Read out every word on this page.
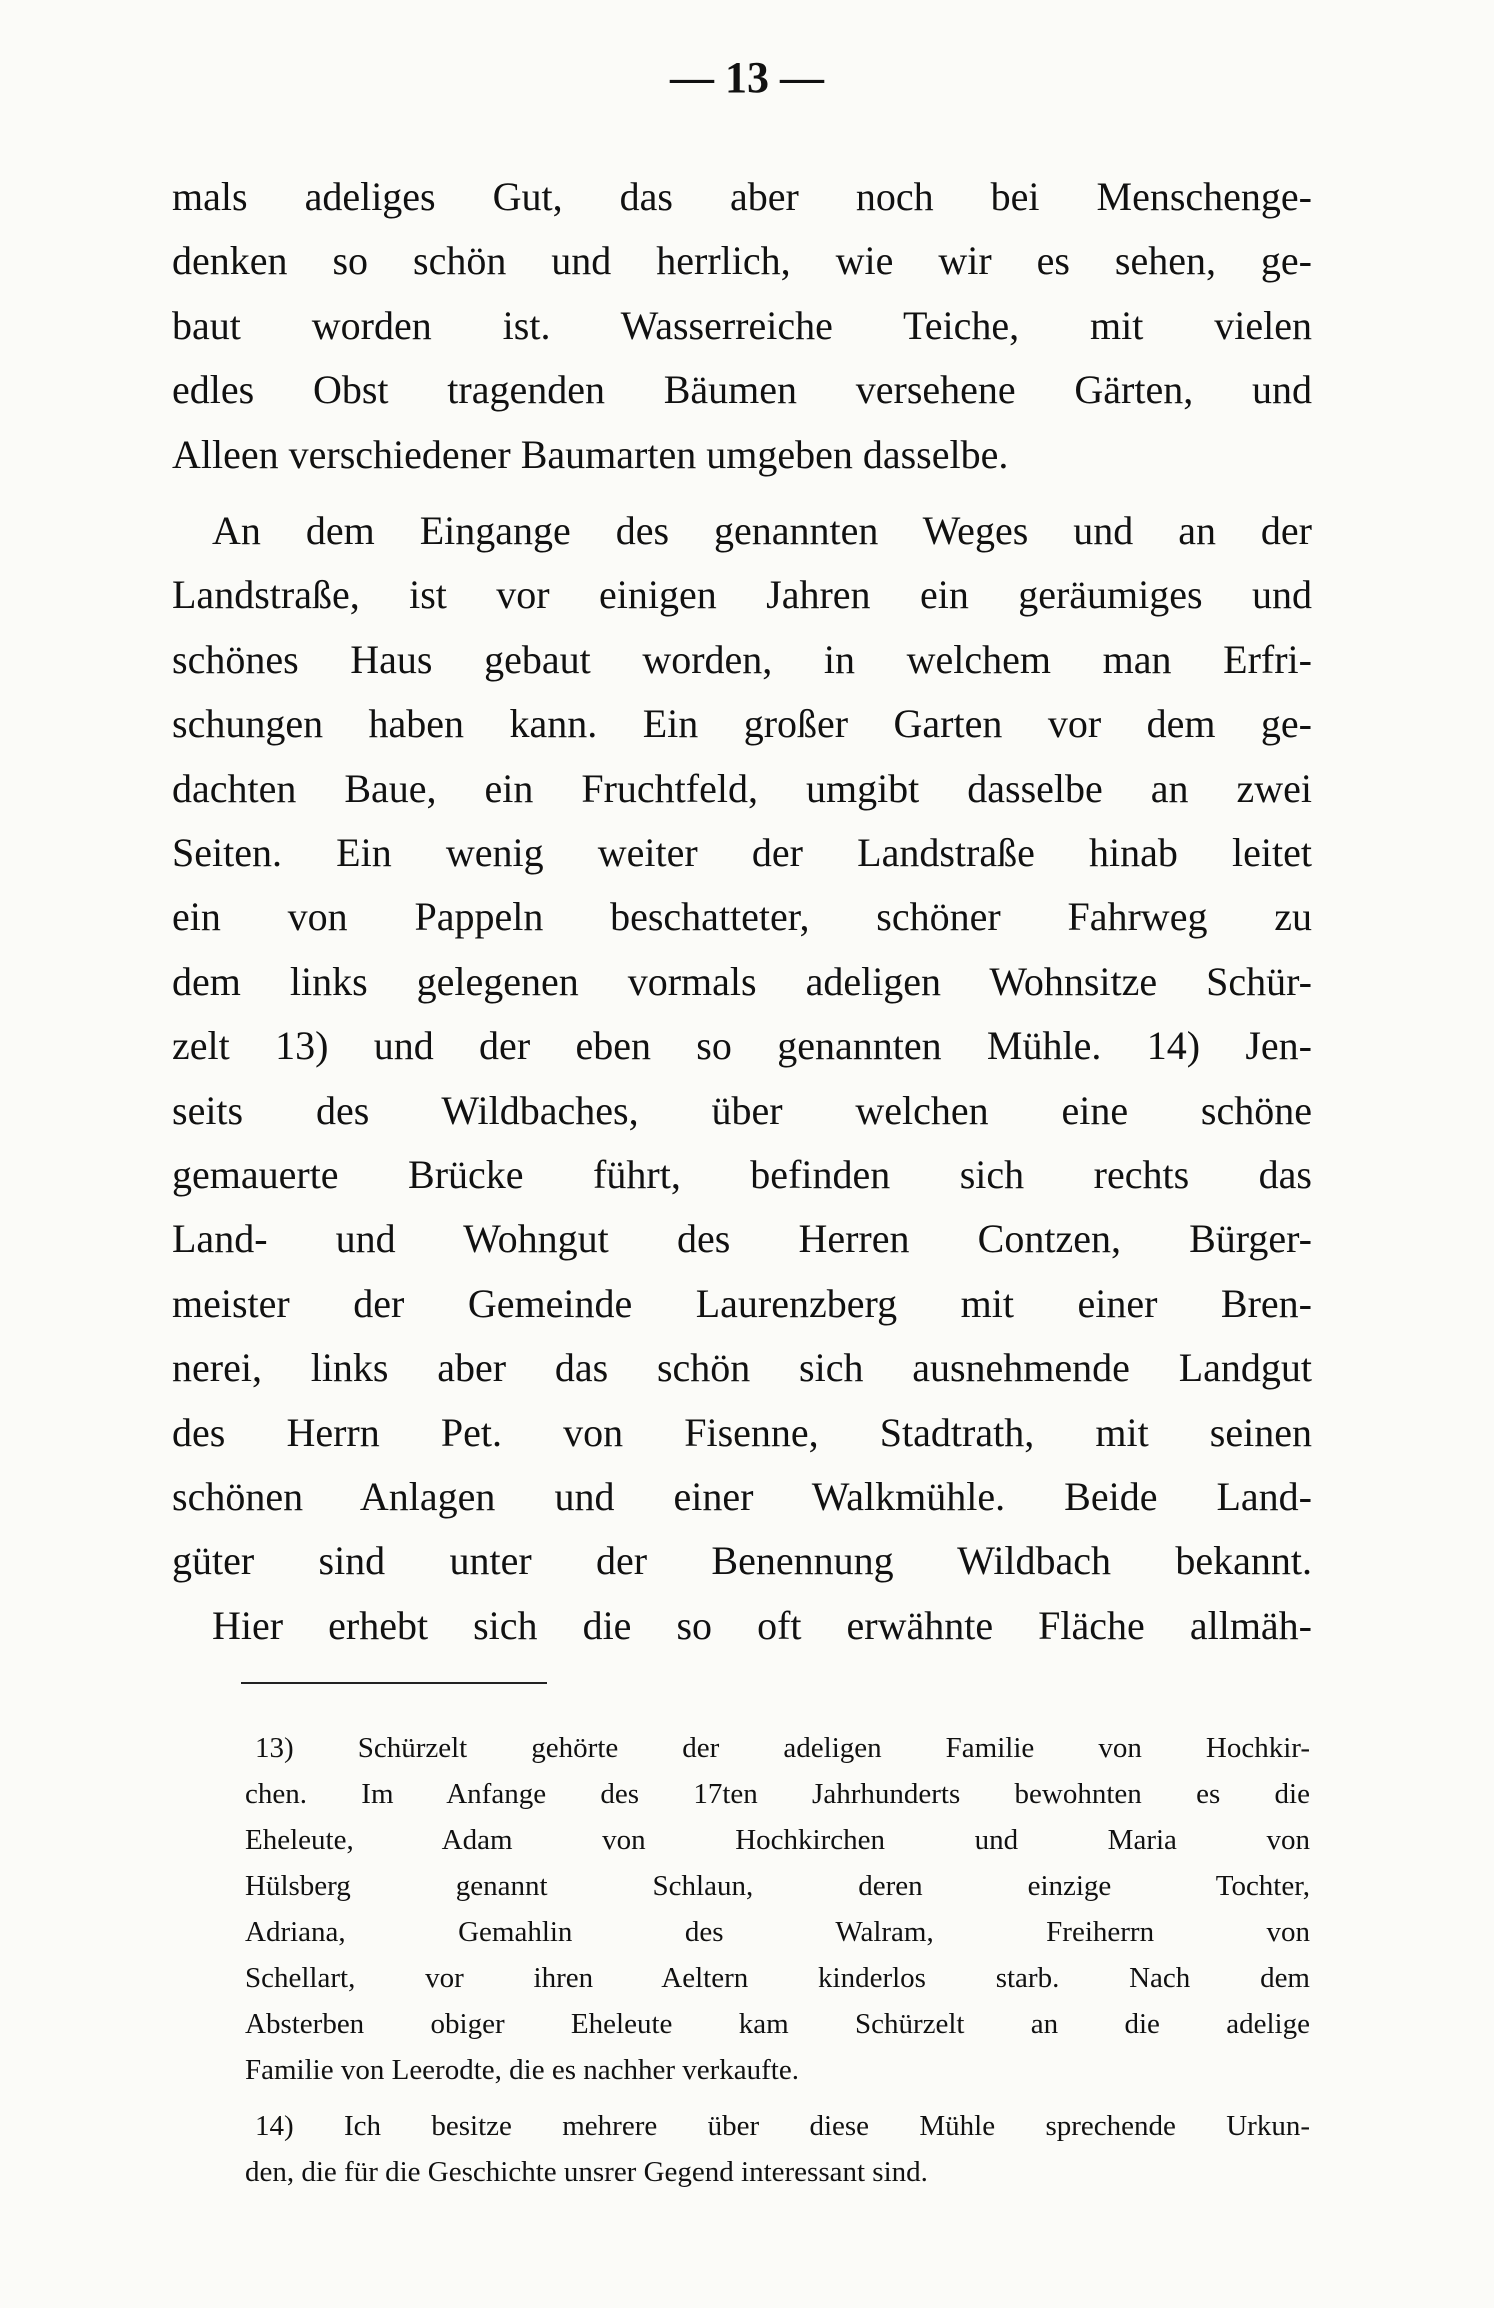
— 13 —
mals adeliges Gut, das aber noch bei Menschenge-
denken so schön und herrlich, wie wir es sehen, ge-
baut worden ist. Wasserreiche Teiche, mit vielen
edles Obst tragenden Bäumen versehene Gärten, und
Alleen verschiedener Baumarten umgeben dasselbe.
An dem Eingange des genannten Weges und an der
Landstraße, ist vor einigen Jahren ein geräumiges und
schönes Haus gebaut worden, in welchem man Erfri-
schungen haben kann. Ein großer Garten vor dem ge-
dachten Baue, ein Fruchtfeld, umgibt dasselbe an zwei
Seiten. Ein wenig weiter der Landstraße hinab leitet
ein von Pappeln beschatteter, schöner Fahrweg zu
dem links gelegenen vormals adeligen Wohnsitze Schür-
zelt 13) und der eben so genannten Mühle. 14) Jen-
seits des Wildbaches, über welchen eine schöne
gemauerte Brücke führt, befinden sich rechts das
Land- und Wohngut des Herren Contzen, Bürger-
meister der Gemeinde Laurenzberg mit einer Bren-
nerei, links aber das schön sich ausnehmende Landgut
des Herrn Pet. von Fisenne, Stadtrath, mit seinen
schönen Anlagen und einer Walkmühle. Beide Land-
güter sind unter der Benennung Wildbach bekannt.
Hier erhebt sich die so oft erwähnte Fläche allmäh-
13) Schürzelt gehörte der adeligen Familie von Hochkir-
chen. Im Anfange des 17ten Jahrhunderts bewohnten es die
Eheleute, Adam von Hochkirchen und Maria von
Hülsberg genannt Schlaun, deren einzige Tochter,
Adriana, Gemahlin des Walram, Freiherrn von
Schellart, vor ihren Aeltern kinderlos starb. Nach dem
Absterben obiger Eheleute kam Schürzelt an die adelige
Familie von Leerodte, die es nachher verkaufte.
14) Ich besitze mehrere über diese Mühle sprechende Urkun-
den, die für die Geschichte unsrer Gegend interessant sind.
